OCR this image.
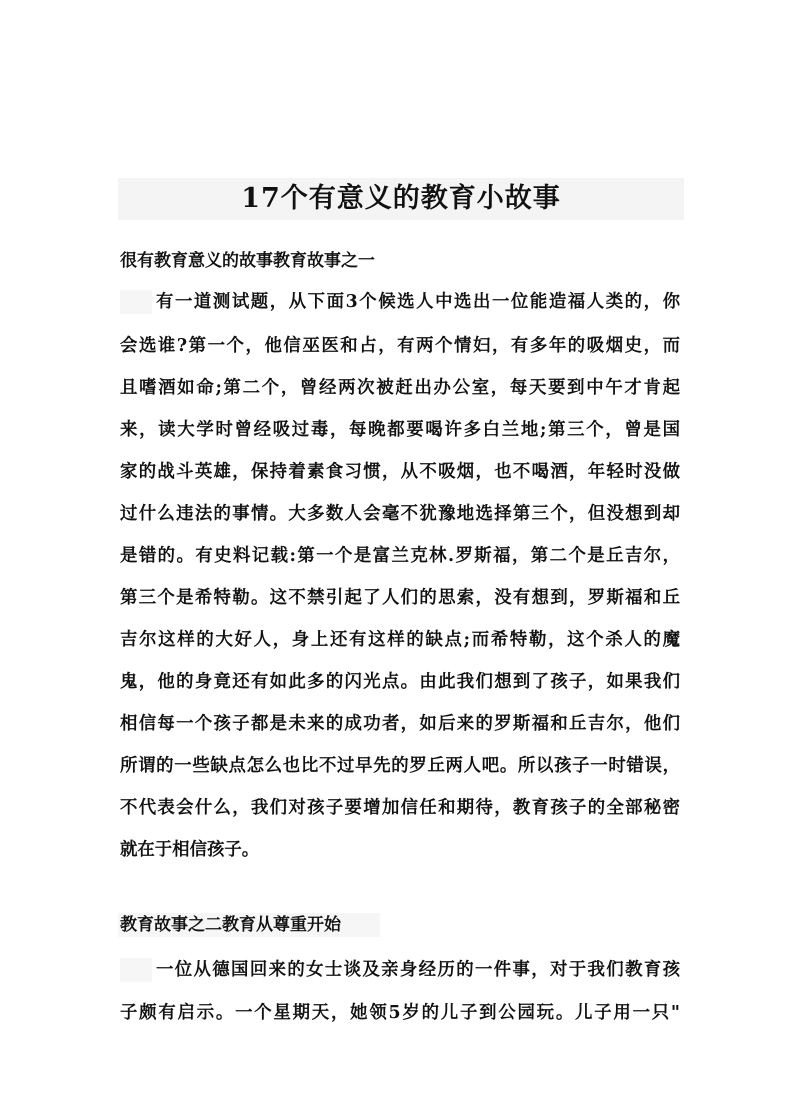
17个有意义的教育小故事
很有教育意义的故事教育故事之一
有一道测试题，从下面3个候选人中选出一位能造福人类的，你
会选谁?第一个，他信巫医和占，有两个情妇，有多年的吸烟史，而
且嗜酒如命;第二个，曾经两次被赶出办公室，每天要到中午才肯起
来，读大学时曾经吸过毒，每晚都要喝许多白兰地;第三个，曾是国
家的战斗英雄，保持着素食习惯，从不吸烟，也不喝酒，年轻时没做
过什么违法的事情。大多数人会毫不犹豫地选择第三个，但没想到却
是错的。有史料记载:第一个是富兰克林.罗斯福，第二个是丘吉尔，
第三个是希特勒。这不禁引起了人们的思索，没有想到，罗斯福和丘
吉尔这样的大好人，身上还有这样的缺点;而希特勒，这个杀人的魔
鬼，他的身竟还有如此多的闪光点。由此我们想到了孩子，如果我们
相信每一个孩子都是未来的成功者，如后来的罗斯福和丘吉尔，他们
所谓的一些缺点怎么也比不过早先的罗丘两人吧。所以孩子一时错误，
不代表会什么，我们对孩子要增加信任和期待，教育孩子的全部秘密
就在于相信孩子。
教育故事之二教育从尊重开始
一位从德国回来的女士谈及亲身经历的一件事，对于我们教育孩
子颇有启示。一个星期天，她领5岁的儿子到公园玩。儿子用一只"
